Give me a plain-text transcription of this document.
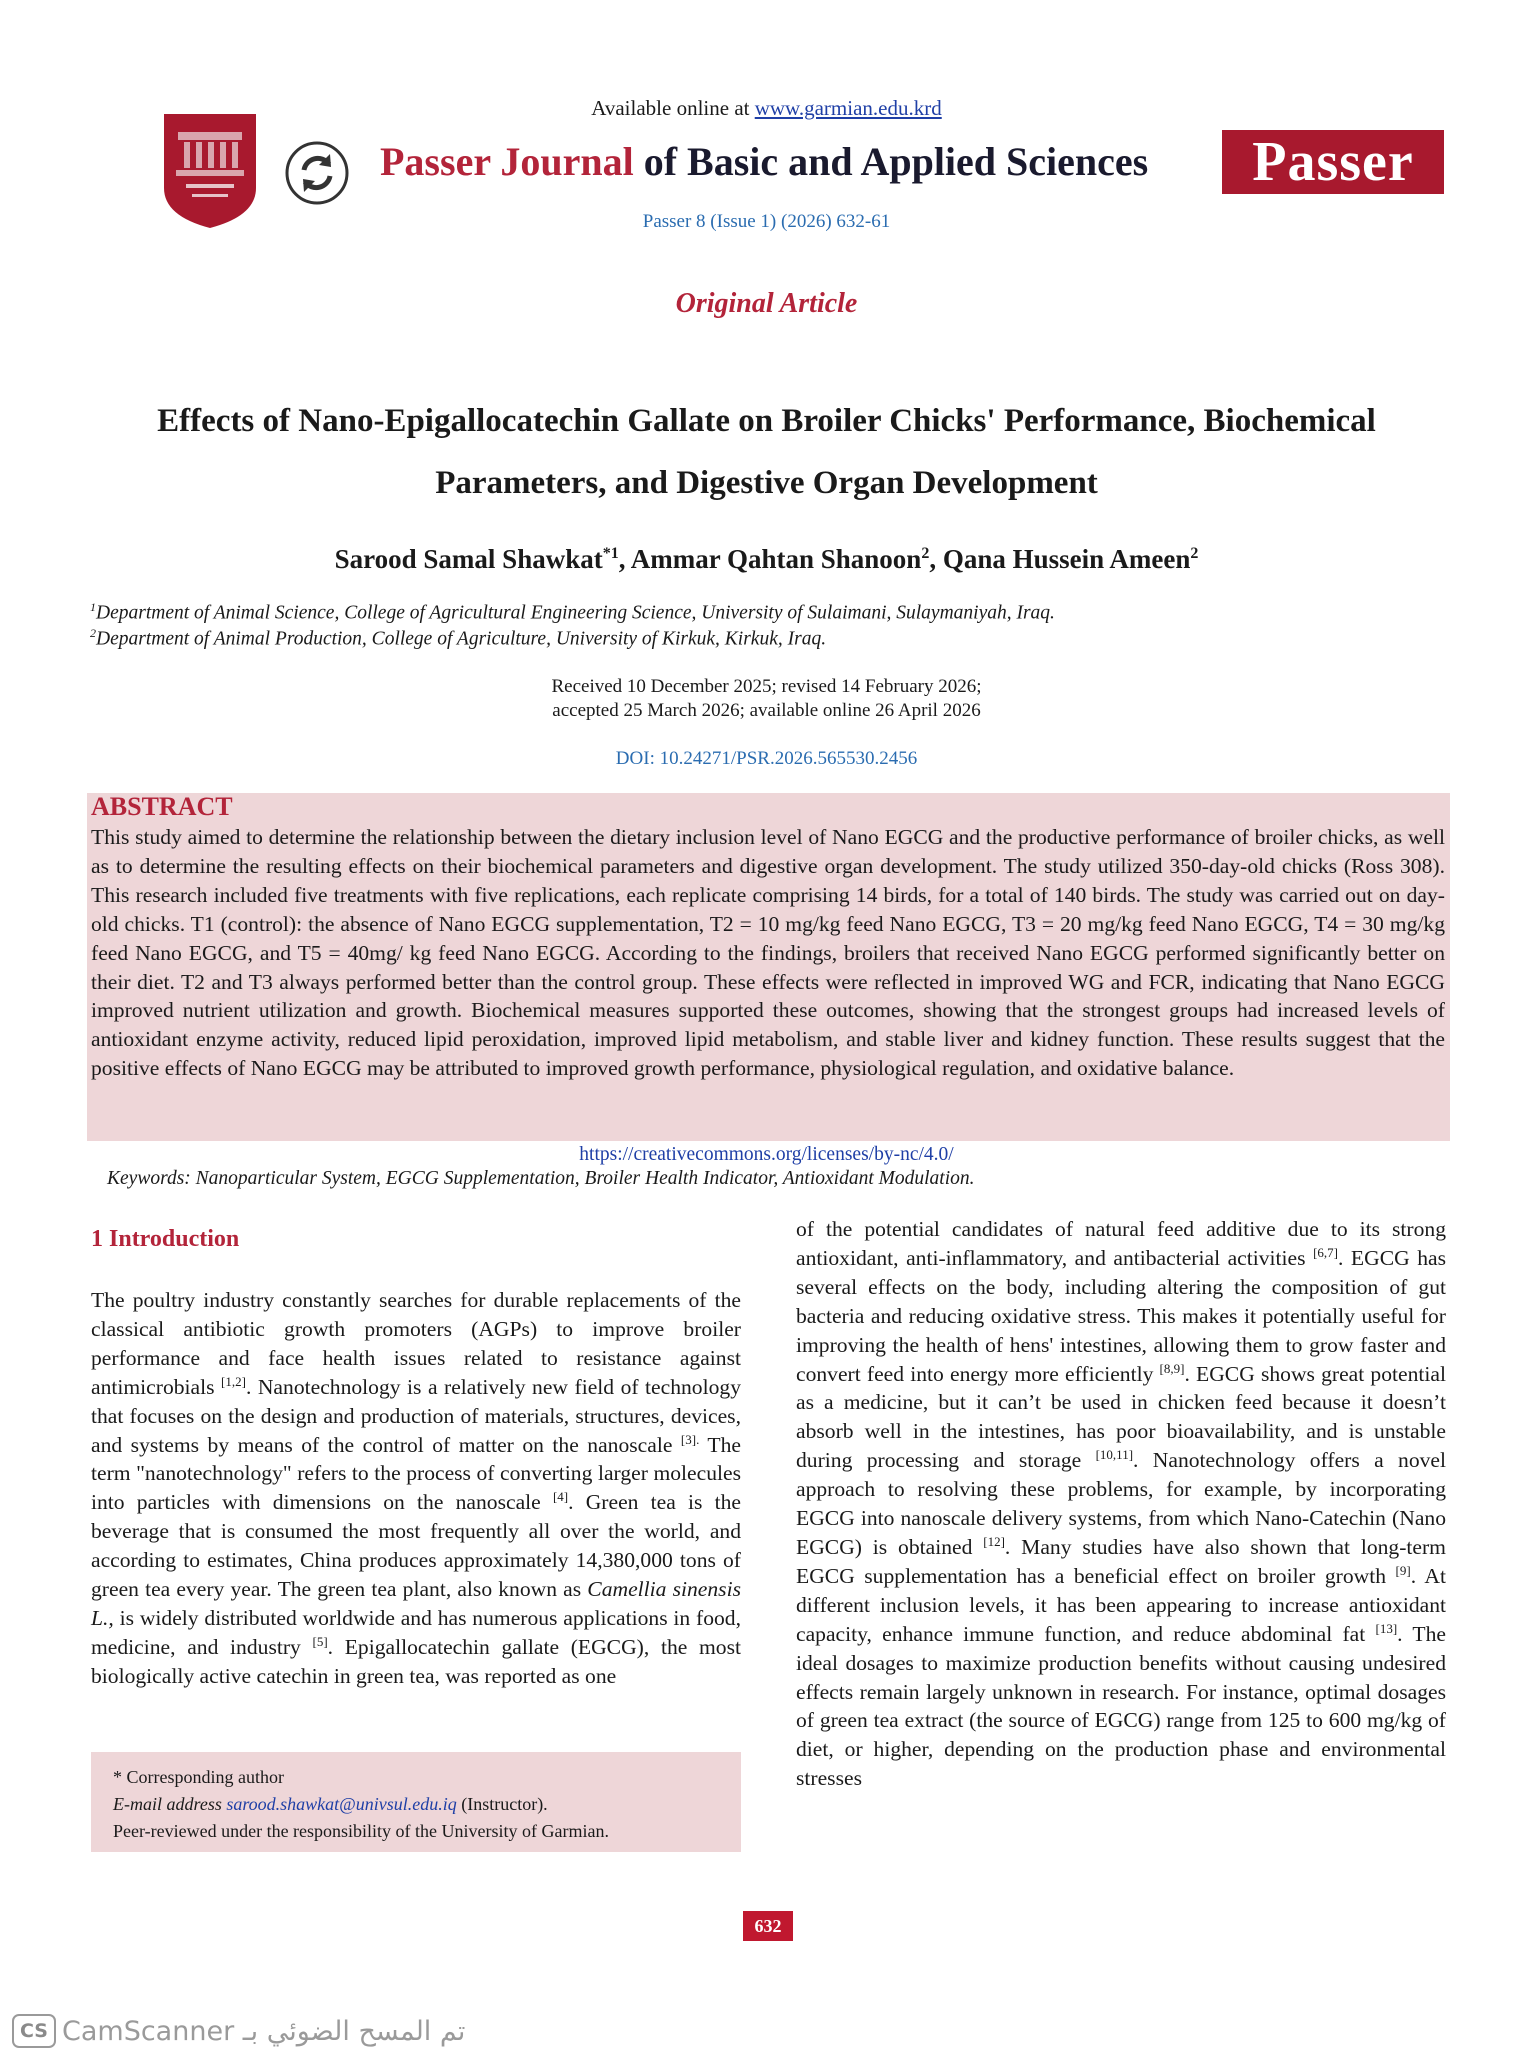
Available online at www.garmian.edu.krd
Passer Journal of Basic and Applied Sciences	Passer
Passer 8 (Issue 1) (2026) 632-61
Original Article
Effects of Nano-Epigallocatechin Gallate on Broiler Chicks' Performance, Biochemical
Parameters, and Digestive Organ Development
Sarood Samal Shawkat$^{*1}$, Ammar Qahtan Shanoon$^2$, Qana Hussein Ameen$^2$
$^1$Department of Animal Science, College of Agricultural Engineering Science, University of Sulaimani, Sulaymaniyah, Iraq.
$^2$Department of Animal Production, College of Agriculture, University of Kirkuk, Kirkuk, Iraq.
Received 10 December 2025; revised 14 February 2026;
accepted 25 March 2026; available online 26 April 2026
DOI: 10.24271/PSR.2026.565530.2456
ABSTRACT
This study aimed to determine the relationship between the dietary inclusion level of Nano EGCG and the productive performance of broiler chicks, as well as to determine the resulting effects on their biochemical parameters and digestive organ development. The study utilized 350-day-old chicks (Ross 308). This research included five treatments with five replications, each replicate comprising 14 birds, for a total of 140 birds. The study was carried out on day-old chicks. T1 (control): the absence of Nano EGCG supplementation, T2 = 10 mg/kg feed Nano EGCG, T3 = 20 mg/kg feed Nano EGCG, T4 = 30 mg/kg feed Nano EGCG, and T5 = 40mg/ kg feed Nano EGCG. According to the findings, broilers that received Nano EGCG performed significantly better on their diet. T2 and T3 always performed better than the control group. These effects were reflected in improved WG and FCR, indicating that Nano EGCG improved nutrient utilization and growth. Biochemical measures supported these outcomes, showing that the strongest groups had increased levels of antioxidant enzyme activity, reduced lipid peroxidation, improved lipid metabolism, and stable liver and kidney function. These results suggest that the positive effects of Nano EGCG may be attributed to improved growth performance, physiological regulation, and oxidative balance.
https://creativecommons.org/licenses/by-nc/4.0/
Keywords: Nanoparticular System, EGCG Supplementation, Broiler Health Indicator, Antioxidant Modulation.
1 Introduction
The poultry industry constantly searches for durable replacements of the classical antibiotic growth promoters (AGPs) to improve broiler performance and face health issues related to resistance against antimicrobials [1,2]. Nanotechnology is a relatively new field of technology that focuses on the design and production of materials, structures, devices, and systems by means of the control of matter on the nanoscale $^{[3].}$ The term "nanotechnology" refers to the process of converting larger molecules into particles with dimensions on the nanoscale [4]. Green tea is the beverage that is consumed the most frequently all over the world, and according to estimates, China produces approximately 14,380,000 tons of green tea every year. The green tea plant, also known as Camellia sinensis L., is widely distributed worldwide and has numerous applications in food, medicine, and industry [5]. Epigallocatechin gallate (EGCG), the most biologically active catechin in green tea, was reported as one
of the potential candidates of natural feed additive due to its strong antioxidant, anti-inflammatory, and antibacterial activities [6,7]. EGCG has several effects on the body, including altering the composition of gut bacteria and reducing oxidative stress. This makes it potentially useful for improving the health of hens' intestines, allowing them to grow faster and convert feed into energy more efficiently [8,9]. EGCG shows great potential as a medicine, but it can’t be used in chicken feed because it doesn’t absorb well in the intestines, has poor bioavailability, and is unstable during processing and storage [10,11]. Nanotechnology offers a novel approach to resolving these problems, for example, by incorporating EGCG into nanoscale delivery systems, from which Nano-Catechin (Nano EGCG) is obtained [12]. Many studies have also shown that long-term EGCG supplementation has a beneficial effect on broiler growth [9]. At different inclusion levels, it has been appearing to increase antioxidant capacity, enhance immune function, and reduce abdominal fat [13]. The ideal dosages to maximize production benefits without causing undesired effects remain largely unknown in research. For instance, optimal dosages of green tea extract (the source of EGCG) range from 125 to 600 mg/kg of diet, or higher, depending on the production phase and environmental stresses
* Corresponding author
E-mail address sarood.shawkat@univsul.edu.iq (Instructor).
Peer-reviewed under the responsibility of the University of Garmian.
632
CS CamScanner تم المسح الضوئي بـ
